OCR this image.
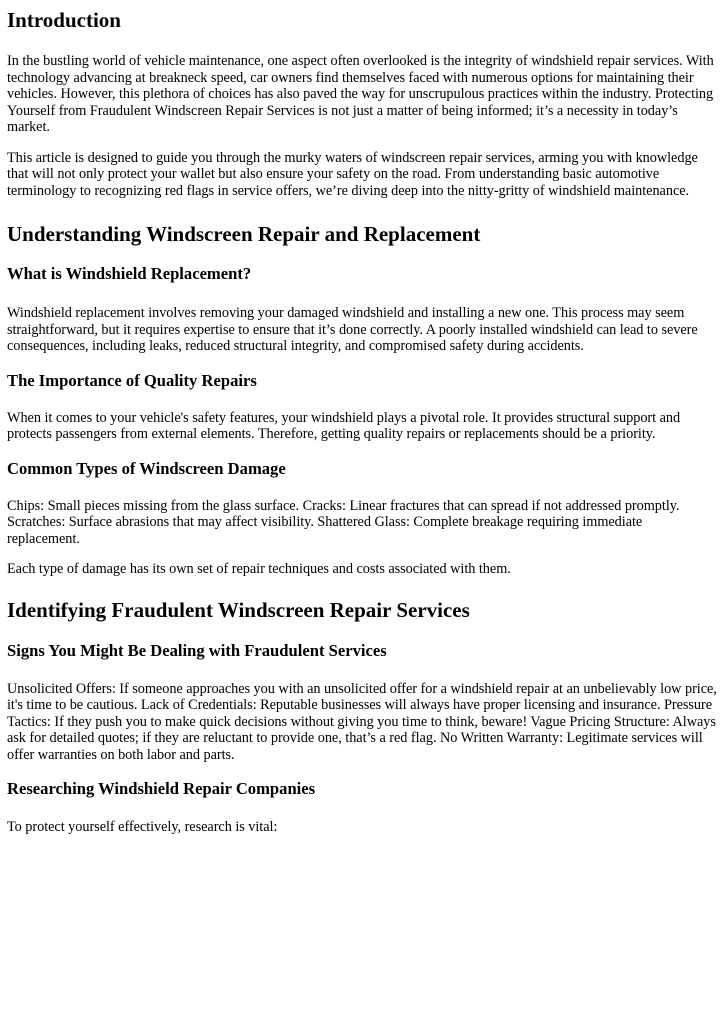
Introduction

In the bustling world of vehicle maintenance, one aspect often overlooked is the integrity of windshield repair services. With technology advancing at breakneck speed, car owners find themselves faced with numerous options for maintaining their vehicles. However, this plethora of choices has also paved the way for unscrupulous practices within the industry. Protecting Yourself from Fraudulent Windscreen Repair Services is not just a matter of being informed; it’s a necessity in today’s market.

This article is designed to guide you through the murky waters of windscreen repair services, arming you with knowledge that will not only protect your wallet but also ensure your safety on the road. From understanding basic automotive terminology to recognizing red flags in service offers, we’re diving deep into the nitty-gritty of windshield maintenance.

Understanding Windscreen Repair and Replacement
What is Windshield Replacement?

Windshield replacement involves removing your damaged windshield and installing a new one. This process may seem straightforward, but it requires expertise to ensure that it’s done correctly. A poorly installed windshield can lead to severe consequences, including leaks, reduced structural integrity, and compromised safety during accidents.

The Importance of Quality Repairs

When it comes to your vehicle's safety features, your windshield plays a pivotal role. It provides structural support and protects passengers from external elements. Therefore, getting quality repairs or replacements should be a priority.

Common Types of Windscreen Damage

Chips: Small pieces missing from the glass surface. Cracks: Linear fractures that can spread if not addressed promptly. Scratches: Surface abrasions that may affect visibility. Shattered Glass: Complete breakage requiring immediate replacement.

Each type of damage has its own set of repair techniques and costs associated with them.

Identifying Fraudulent Windscreen Repair Services
Signs You Might Be Dealing with Fraudulent Services

Unsolicited Offers: If someone approaches you with an unsolicited offer for a windshield repair at an unbelievably low price, it's time to be cautious. Lack of Credentials: Reputable businesses will always have proper licensing and insurance. Pressure Tactics: If they push you to make quick decisions without giving you time to think, beware! Vague Pricing Structure: Always ask for detailed quotes; if they are reluctant to provide one, that’s a red flag. No Written Warranty: Legitimate services will offer warranties on both labor and parts.

Researching Windshield Repair Companies

To protect yourself effectively, research is vital:
